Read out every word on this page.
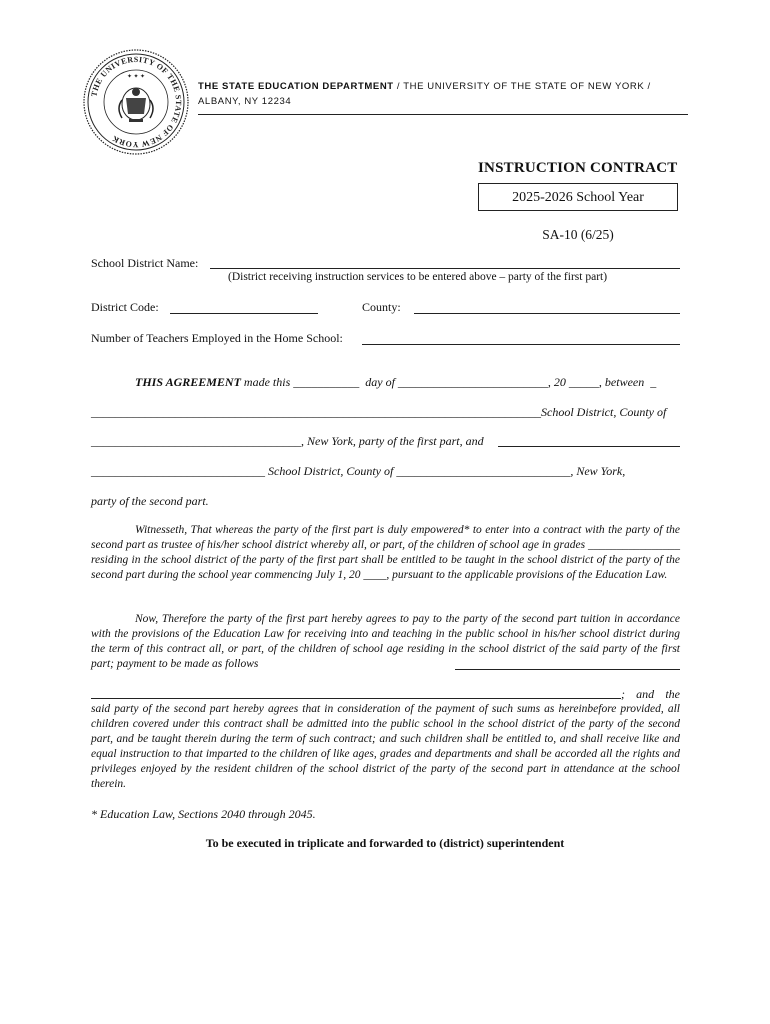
THE UNIVERSITY OF THE STATE OF NEW YORK
✦ ✦ ✦
THE STATE EDUCATION DEPARTMENT / THE UNIVERSITY OF THE STATE OF NEW YORK / ALBANY, NY 12234
INSTRUCTION CONTRACT
2025-2026 School Year
SA-10 (6/25)
School District Name:
(District receiving instruction services to be entered above – party of the first part)
District Code:	County:
Number of Teachers Employed in the Home School:
THIS AGREEMENT made this ___________  day of _________________________, 20 _____, between  _
___________________________________________________________________________School District, County of
___________________________________, New York, party of the first part, and
_____________________________ School District, County of _____________________________, New York,
party of the second part.
Witnesseth, That whereas the party of the first part is duly empowered* to enter into a contract with the party of the second part as trustee of his/her school district whereby all, or part, of the children of school age in grades ________________ residing in the school district of the party of the first part shall be entitled to be taught in the school district of the party of the second part during the school year commencing July 1, 20 ____, pursuant to the applicable provisions of the Education Law.
Now, Therefore the party of the first part hereby agrees to pay to the party of the second part tuition in accordance with the provisions of the Education Law for receiving into and teaching in the public school in his/her school district during the term of this contract all, or part, of the children of school age residing in the school district of the said party of the first part; payment to be made as follows
; and the
said party of the second part hereby agrees that in consideration of the payment of such sums as hereinbefore provided, all children covered under this contract shall be admitted into the public school in the school district of the party of the second part, and be taught therein during the term of such contract; and such children shall be entitled to, and shall receive like and equal instruction to that imparted to the children of like ages, grades and departments and shall be accorded all the rights and privileges enjoyed by the resident children of the school district of the party of the second part in attendance at the school therein.
* Education Law, Sections 2040 through 2045.
To be executed in triplicate and forwarded to (district) superintendent
